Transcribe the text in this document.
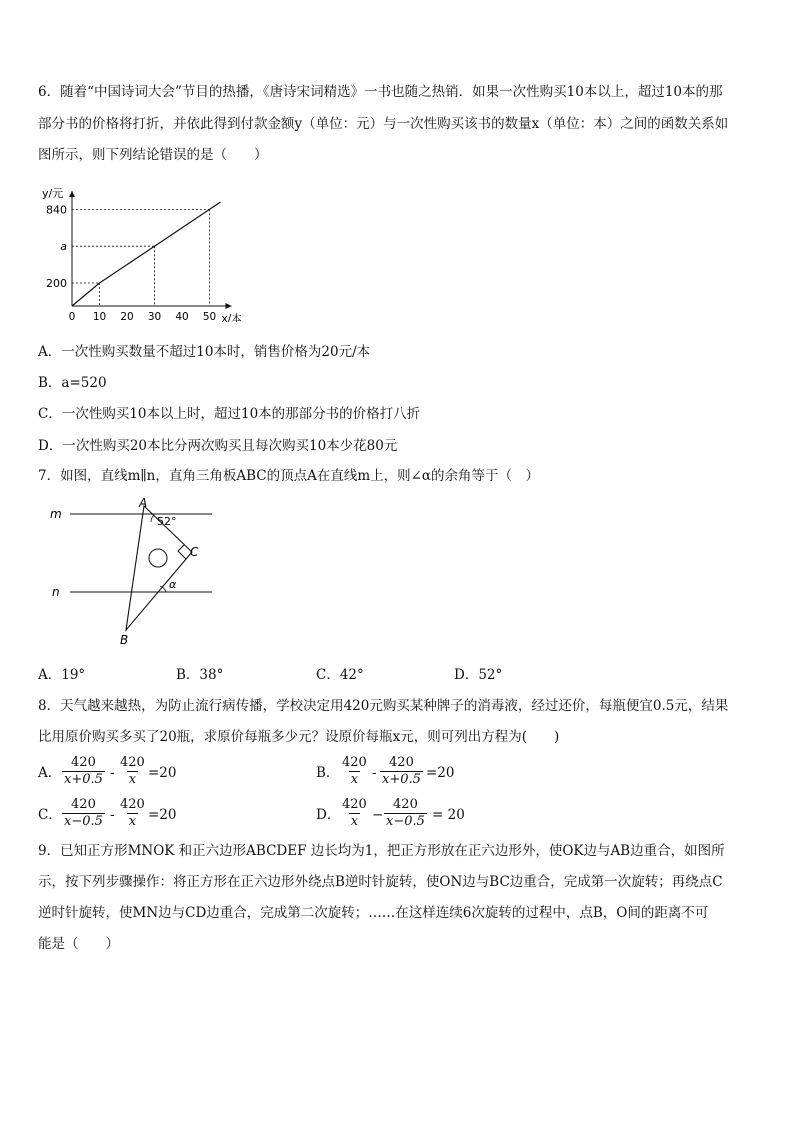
6．随着“中国诗词大会”节目的热播，《唐诗宋词精选》一书也随之热销．如果一次性购买10本以上，超过10本的那
部分书的价格将打折，并依此得到付款金额y（单位：元）与一次性购买该书的数量x（单位：本）之间的函数关系如
图所示，则下列结论错误的是（　　）
0 10 20 30 40 50
200
a
840
x/本
y/元
A．一次性购买数量不超过10本时，销售价格为20元/本
B．a=520
C．一次性购买10本以上时，超过10本的那部分书的价格打八折
D．一次性购买20本比分两次购买且每次购买10本少花80元
7．如图，直线m∥n，直角三角板ABC的顶点A在直线m上，则∠α的余角等于（　）
m
n
A
B
C
52°
α
A．19°	B．38°	C．42°	D．52°
8．天气越来越热，为防止流行病传播，学校决定用420元购买某种牌子的消毒液，经过还价，每瓶便宜0.5元，结果
比用原价购买多买了20瓶，求原价每瓶多少元？设原价每瓶x元，则可列出方程为(　　)
A． $\frac{420}{x+0.5} - \frac{420}{x} =20$	B． $\frac{420}{x} - \frac{420}{x+0.5} =20$
C． $\frac{420}{x-0.5} - \frac{420}{x} =20$	D． $\frac{420}{x} - \frac{420}{x-0.5} = 20$
9．已知正方形MNOK 和正六边形ABCDEF 边长均为1，把正方形放在正六边形外，使OK边与AB边重合，如图所
示，按下列步骤操作：将正方形在正六边形外绕点B逆时针旋转，使ON边与BC边重合，完成第一次旋转；再绕点C
逆时针旋转，使MN边与CD边重合，完成第二次旋转；……在这样连续6次旋转的过程中，点B，O间的距离不可
能是（　　）
